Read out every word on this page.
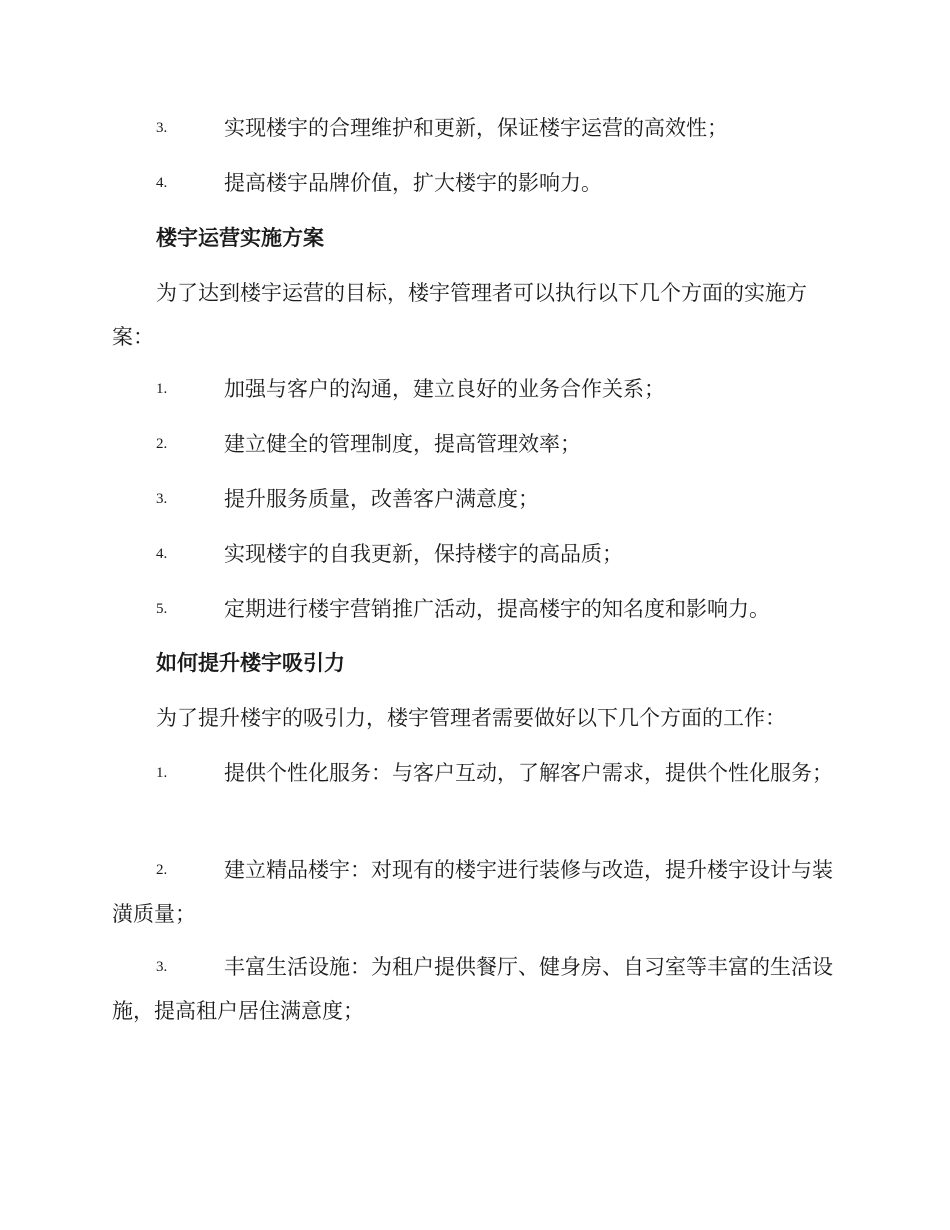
3.	实现楼宇的合理维护和更新，保证楼宇运营的高效性；
4.	提高楼宇品牌价值，扩大楼宇的影响力。
楼宇运营实施方案
为了达到楼宇运营的目标，楼宇管理者可以执行以下几个方面的实施方案：
1.	加强与客户的沟通，建立良好的业务合作关系；
2.	建立健全的管理制度，提高管理效率；
3.	提升服务质量，改善客户满意度；
4.	实现楼宇的自我更新，保持楼宇的高品质；
5.	定期进行楼宇营销推广活动，提高楼宇的知名度和影响力。
如何提升楼宇吸引力
为了提升楼宇的吸引力，楼宇管理者需要做好以下几个方面的工作：
1.	提供个性化服务：与客户互动，了解客户需求，提供个性化服务；
2.	建立精品楼宇：对现有的楼宇进行装修与改造，提升楼宇设计与装潢质量；
3.	丰富生活设施：为租户提供餐厅、健身房、自习室等丰富的生活设施，提高租户居住满意度；
